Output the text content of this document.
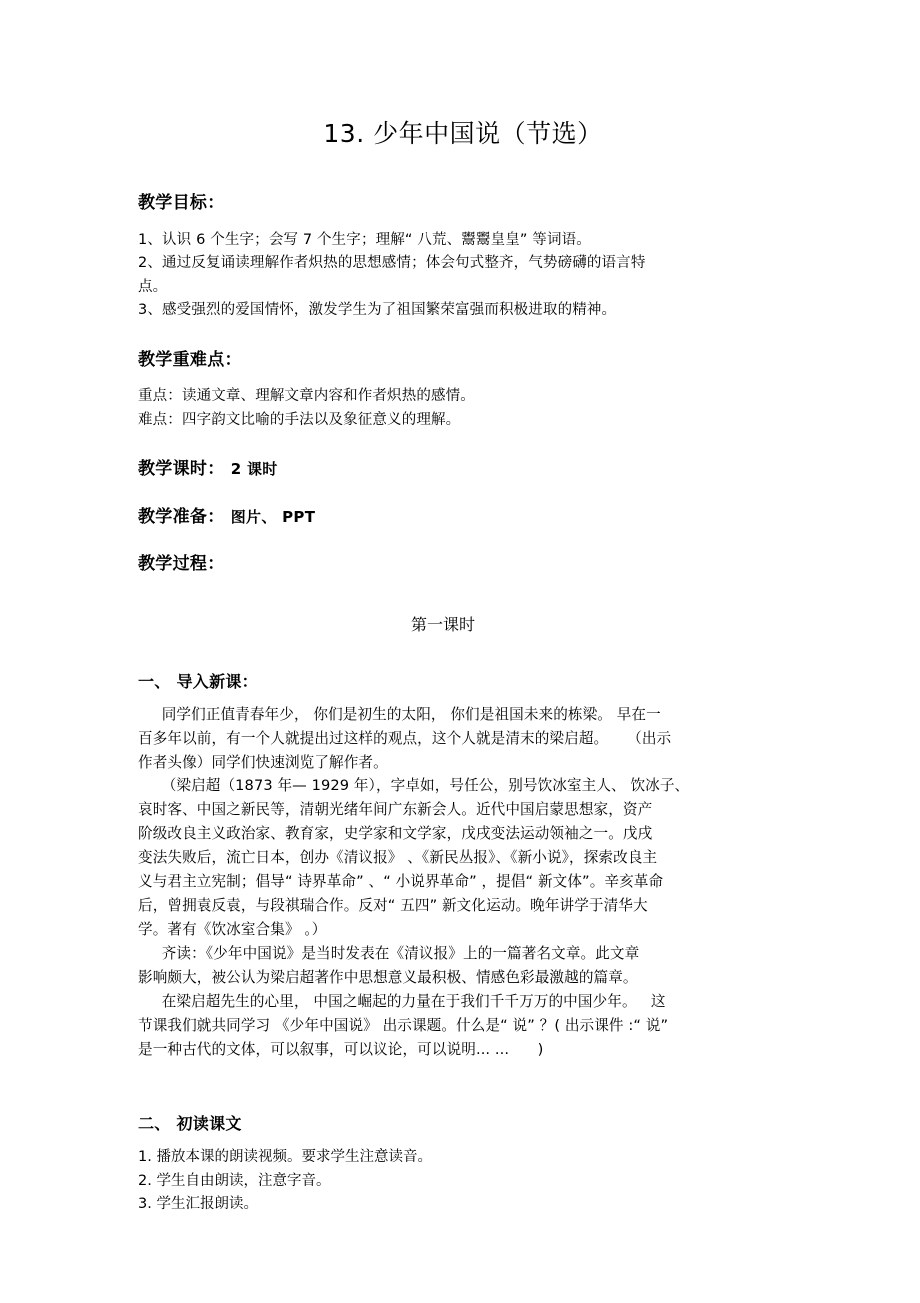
13. 少年中国说（节选）
教学目标：
1、认识 6 个生字；会写 7 个生字；理解“ 八荒、鬻鬻皇皇” 等词语。
2、通过反复诵读理解作者炽热的思想感情；体会句式整齐，气势磅礴的语言特
点。
3、感受强烈的爱国情怀，激发学生为了祖国繁荣富强而积极进取的精神。
教学重难点：
重点：读通文章、理解文章内容和作者炽热的感情。
难点：四字韵文比喻的手法以及象征意义的理解。
教学课时： 2 课时
教学准备： 图片、 PPT
教学过程：
第一课时
一、 导入新课：
同学们正值青春年少， 你们是初生的太阳， 你们是祖国未来的栋梁。 早在一
百多年以前，有一个人就提出过这样的观点，这个人就是清末的梁启超。    （出示
作者头像）同学们快速浏览了解作者。
（梁启超（1873 年— 1929 年），字卓如，号任公，别号饮冰室主人、 饮冰子、
哀时客、中国之新民等，清朝光绪年间广东新会人。近代中国启蒙思想家，资产
阶级改良主义政治家、教育家，史学家和文学家，戊戌变法运动领袖之一。戊戌
变法失败后，流亡日本，创办《清议报》 、《新民丛报》、《新小说》，探索改良主
义与君主立宪制；倡导“ 诗界革命” 、“ 小说界革命” ，提倡“ 新文体”。辛亥革命
后，曾拥袁反袁，与段祺瑞合作。反对“ 五四” 新文化运动。晚年讲学于清华大
学。著有《饮冰室合集》 。）
齐读：《少年中国说》是当时发表在《清议报》上的一篇著名文章。此文章
影响颇大，被公认为梁启超著作中思想意义最积极、情感色彩最激越的篇章。
在梁启超先生的心里， 中国之崛起的力量在于我们千千万万的中国少年。   这
节课我们就共同学习 《少年中国说》 出示课题。什么是“ 说” ？( 出示课件 :“ 说”
是一种古代的文体，可以叙事，可以议论，可以说明... ...      )
二、 初读课文
1. 播放本课的朗读视频。要求学生注意读音。
2. 学生自由朗读，注意字音。
3. 学生汇报朗读。
